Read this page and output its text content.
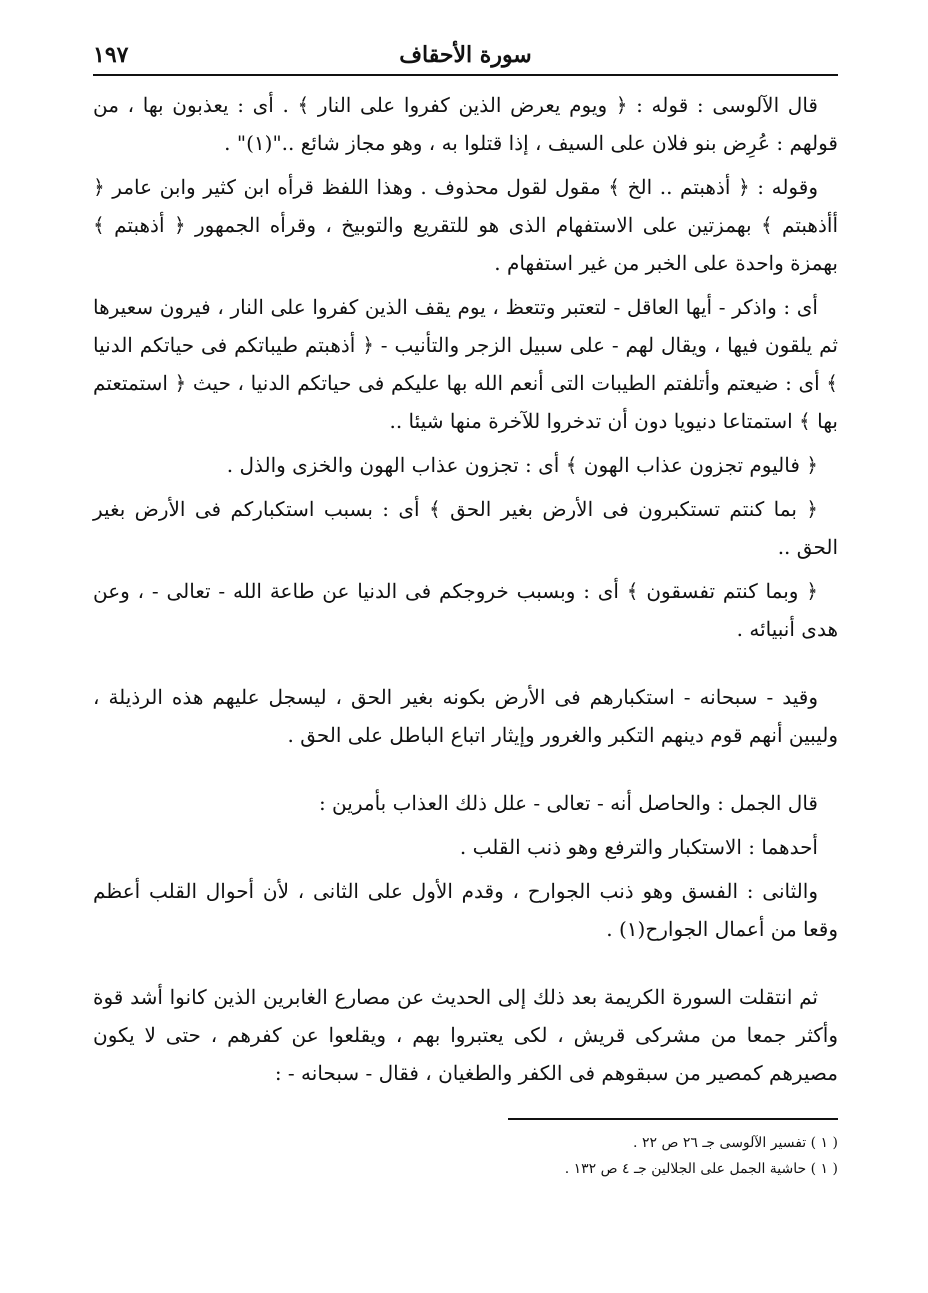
سورة الأحقاف
١٩٧

قال الآلوسى : قوله : ﴿ ويوم يعرض الذين كفروا على النار ﴾ . أى : يعذبون بها ، من قولهم : عُرِض بنو فلان على السيف ، إذا قتلوا به ، وهو مجاز شائع .."(١)" .

وقوله : ﴿ أذهبتم .. الخ ﴾ مقول لقول محذوف . وهذا اللفظ قرأه ابن كثير وابن عامر ﴿ أأذهبتم ﴾ بهمزتين على الاستفهام الذى هو للتقريع والتوبيخ ، وقرأه الجمهور ﴿ أذهبتم ﴾ بهمزة واحدة على الخبر من غير استفهام .

أى : واذكر - أيها العاقل - لتعتبر وتتعظ ، يوم يقف الذين كفروا على النار ، فيرون سعيرها ثم يلقون فيها ، ويقال لهم - على سبيل الزجر والتأنيب - ﴿ أذهبتم طيباتكم فى حياتكم الدنيا ﴾ أى : ضيعتم وأتلفتم الطيبات التى أنعم الله بها عليكم فى حياتكم الدنيا ، حيث ﴿ استمتعتم بها ﴾ استمتاعا دنيويا دون أن تدخروا للآخرة منها شيئا ..

﴿ فاليوم تجزون عذاب الهون ﴾ أى : تجزون عذاب الهون والخزى والذل .

﴿ بما كنتم تستكبرون فى الأرض بغير الحق ﴾ أى : بسبب استكباركم فى الأرض بغير الحق ..

﴿ وبما كنتم تفسقون ﴾ أى : وبسبب خروجكم فى الدنيا عن طاعة الله - تعالى - ، وعن هدى أنبيائه .

وقيد - سبحانه - استكبارهم فى الأرض بكونه بغير الحق ، ليسجل عليهم هذه الرذيلة ، وليبين أنهم قوم دينهم التكبر والغرور وإيثار اتباع الباطل على الحق .

قال الجمل : والحاصل أنه - تعالى - علل ذلك العذاب بأمرين :

أحدهما : الاستكبار والترفع وهو ذنب القلب .

والثانى : الفسق وهو ذنب الجوارح ، وقدم الأول على الثانى ، لأن أحوال القلب أعظم وقعا من أعمال الجوارح(١) .

ثم انتقلت السورة الكريمة بعد ذلك إلى الحديث عن مصارع الغابرين الذين كانوا أشد قوة وأكثر جمعا من مشركى قريش ، لكى يعتبروا بهم ، ويقلعوا عن كفرهم ، حتى لا يكون مصيرهم كمصير من سبقوهم فى الكفر والطغيان ، فقال - سبحانه - :

( ١ ) تفسير الآلوسى جـ ٢٦ ص ٢٢ .
( ١ ) حاشية الجمل على الجلالين جـ ٤ ص ١٣٢ .
